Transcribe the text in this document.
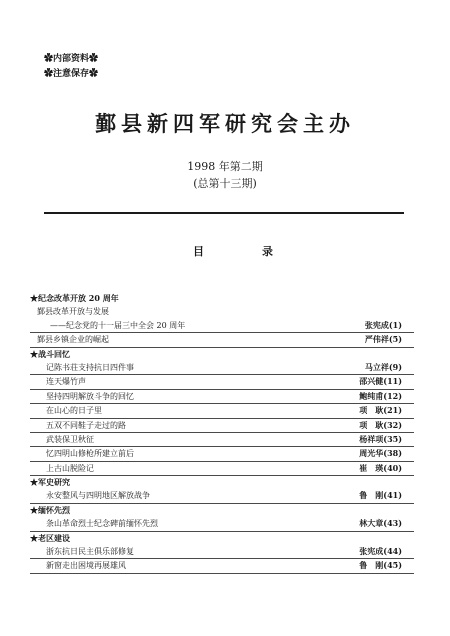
✿内部资料✿
✿注意保存✿
鄞县新四军研究会主办
1998 年第二期
(总第十三期)
目	录
★纪念改革开放 20 周年
鄞县改革开放与发展
——纪念党的十一届三中全会 20 周年	张宪成(1)
鄞县乡镇企业的崛起	严伟祥(5)
★战斗回忆
记陈书荘支持抗日四件事	马立祥(9)
连天爆竹声	邵兴健(11)
坚持四明解放斗争的回忆	鲍纯甫(12)
在山心的日子里	项　耿(21)
五双不同鞋子走过的路	项　耿(32)
武装保卫秋征	杨祥项(35)
忆四明山修枪所建立前后	周光华(38)
上古山脱险记	崔　瑛(40)
★军史研究
永安整风与四明地区解放战争	鲁　刚(41)
★缅怀先烈
条山革命烈士纪念碑前缅怀先烈	林大章(43)
★老区建设
浙东抗日民主俱乐部修复	张宪成(44)
新窗走出困境再展雄风	鲁　刚(45)
